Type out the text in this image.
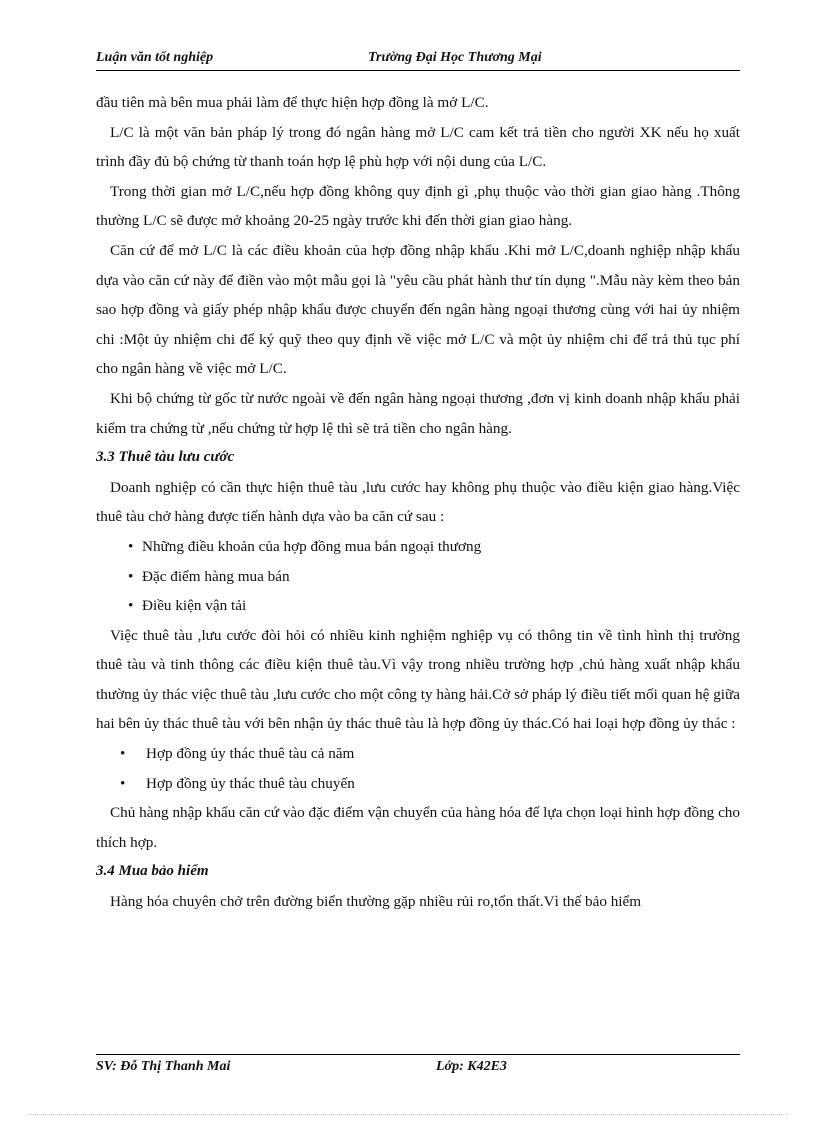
Luận văn tốt nghiệp	Trường Đại Học Thương Mại

đầu tiên mà bên mua phải làm để thực hiện hợp đồng là mở L/C.

L/C là một văn bản pháp lý trong đó ngân hàng mở L/C cam kết trả tiền cho người XK nếu họ xuất trình đầy đủ bộ chứng từ thanh toán hợp lệ phù hợp với nội dung của L/C.

Trong thời gian mở L/C,nếu hợp đồng không quy định gì ,phụ thuộc vào thời gian giao hàng .Thông thường L/C sẽ được mở khoảng 20-25 ngày trước khi đến thời gian giao hàng.

Căn cứ để mở L/C là các điều khoản của hợp đồng nhập khẩu .Khi mở L/C,doanh nghiệp nhập khẩu dựa vào căn cứ này để điền vào một mẫu gọi là "yêu cầu phát hành thư tín dụng ".Mẫu này kèm theo bản sao hợp đồng và giấy phép nhập khẩu được chuyển đến ngân hàng ngoại thương cùng với hai ủy nhiệm chi :Một ủy nhiệm chi để ký quỹ theo quy định về việc mở L/C và một ủy nhiệm chi để trả thủ tục phí cho ngân hàng về việc mở L/C.

Khi bộ chứng từ gốc từ nước ngoài về đến ngân hàng ngoại thương ,đơn vị kinh doanh nhập khẩu phải kiểm tra chứng từ ,nếu chứng từ hợp lệ thì sẽ trả tiền cho ngân hàng.

3.3 Thuê tàu lưu cước

Doanh nghiệp có cần thực hiện thuê tàu ,lưu cước hay không phụ thuộc vào điều kiện giao hàng.Việc thuê tàu chở hàng được tiến hành dựa vào ba căn cứ sau :

• Những điều khoản của hợp đồng mua bán ngoại thương

• Đặc điểm hàng mua bán

• Điều kiện vận tải

Việc thuê tàu ,lưu cước đòi hỏi có nhiều kinh nghiệm nghiệp vụ có thông tin về tình hình thị trường thuê tàu và tinh thông các điều kiện thuê tàu.Vì vậy trong nhiều trường hợp ,chủ hàng xuất nhập khẩu thường ủy thác việc thuê tàu ,lưu cước cho một công ty hàng hải.Cở sở pháp lý điều tiết mối quan hệ giữa hai bên ủy thác thuê tàu với bên nhận ủy thác thuê tàu là hợp đồng ủy thác.Có hai loại hợp đồng ủy thác :

• Hợp đồng ủy thác thuê tàu cả năm

• Hợp đồng ủy thác thuê tàu chuyến

Chủ hàng nhập khẩu căn cứ vào đặc điểm vận chuyển của hàng hóa để lựa chọn loại hình hợp đồng cho thích hợp.

3.4 Mua bảo hiểm

Hàng hóa chuyên chở trên đường biển thường gặp nhiều rủi ro,tổn thất.Vì thế bảo hiểm

SV: Đỗ Thị Thanh Mai	Lớp: K42E3
